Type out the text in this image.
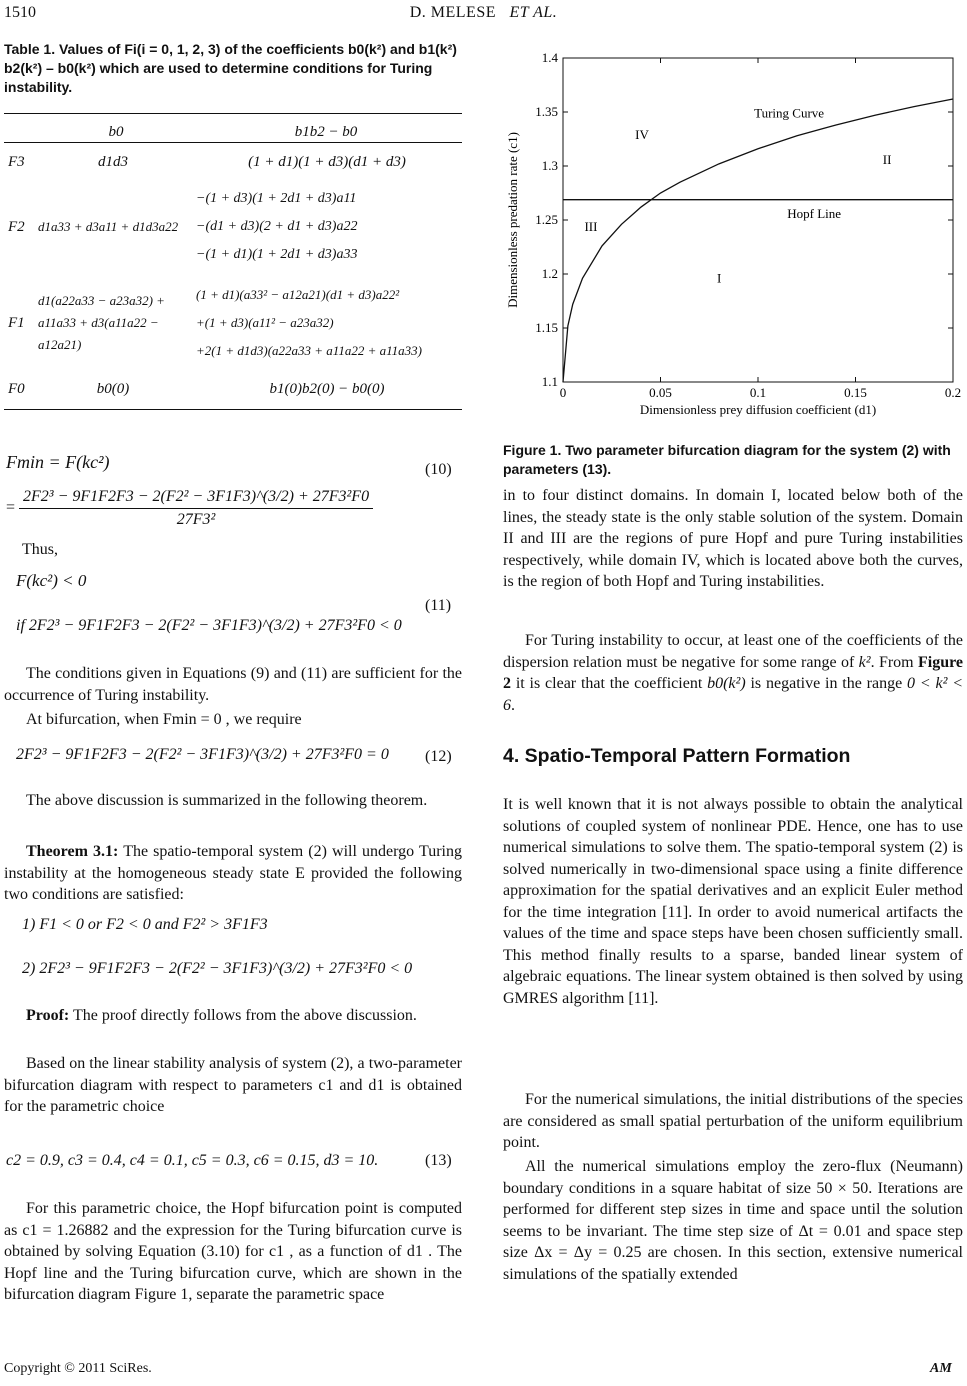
1510	D. MELESE ET AL.
Table 1. Values of Fi(i = 0, 1, 2, 3) of the coefficients b0(k²) and b1(k²) b2(k²) – b0(k²) which are used to determine conditions for Turing instability.
	b0	b1b2 − b0
F3	d1d3	(1 + d1)(1 + d3)(d1 + d3)
F2	d1a33 + d3a11 + d1d3a22	−(1 + d3)(1 + 2d1 + d3)a11
−(d1 + d3)(2 + d1 + d3)a22
−(1 + d1)(1 + 2d1 + d3)a33

F1	d1(a22a33 − a23a32) + a11a33 + d3(a11a22 − a12a21)	(1 + d1)(a33² − a12a21)(d1 + d3)a22²
+(1 + d3)(a11² − a23a32)
+2(1 + d1d3)(a22a33 + a11a22 + a11a33)

F0	b0(0)	b1(0)b2(0) − b0(0)
Fmin = F(kc²)
= $\frac{\text{2F2³ − 9F1F2F3 − 2(F2² − 3F1F3)\textasciicircum{}(3/2) + 27F3²F0}}{\text{27F3²}}$
(10)
Thus,
F(kc²) < 0
if 2F2³ − 9F1F2F3 − 2(F2² − 3F1F3)^(3/2) + 27F3²F0 < 0
(11)
The conditions given in Equations (9) and (11) are sufficient for the occurrence of Turing instability.
At bifurcation, when Fmin = 0 , we require
2F2³ − 9F1F2F3 − 2(F2² − 3F1F3)^(3/2) + 27F3²F0 = 0 (12)
The above discussion is summarized in the following theorem.
Theorem 3.1: The spatio-temporal system (2) will undergo Turing instability at the homogeneous steady state E provided the following two conditions are satisfied:
1) F1 < 0 or F2 < 0 and F2² > 3F1F3
2) 2F2³ − 9F1F2F3 − 2(F2² − 3F1F3)^(3/2) + 27F3²F0 < 0
Proof: The proof directly follows from the above discussion.
Based on the linear stability analysis of system (2), a two-parameter bifurcation diagram with respect to parameters c1 and d1 is obtained for the parametric choice
c2 = 0.9, c3 = 0.4, c4 = 0.1, c5 = 0.3, c6 = 0.15, d3 = 10.	(13)
For this parametric choice, the Hopf bifurcation point is computed as c1 = 1.26882 and the expression for the Turing bifurcation curve is obtained by solving Equation (3.10) for c1 , as a function of d1 . The Hopf line and the Turing bifurcation curve, which are shown in the bifurcation diagram Figure 1, separate the parametric space
0	0.05	0.1	0.15	0.2
1.1
1.15
1.2
1.25
1.3
1.35
1.4
Dimensionless prey diffusion coefficient (d1)
Dimensionless predation rate (c1)
Turing Curve
Hopf Line
IV
II
III
I
Figure 1. Two parameter bifurcation diagram for the system (2) with parameters (13).
in to four distinct domains. In domain I, located below both of the lines, the steady state is the only stable solution of the system. Domain II and III are the regions of pure Hopf and pure Turing instabilities respectively, while domain IV, which is located above both the curves, is the region of both Hopf and Turing instabilities.
For Turing instability to occur, at least one of the coefficients of the dispersion relation must be negative for some range of k². From Figure 2 it is clear that the coefficient b0(k²) is negative in the range 0 < k² < 6.
4. Spatio-Temporal Pattern Formation
It is well known that it is not always possible to obtain the analytical solutions of coupled system of nonlinear PDE. Hence, one has to use numerical simulations to solve them. The spatio-temporal system (2) is solved numerically in two-dimensional space using a finite difference approximation for the spatial derivatives and an explicit Euler method for the time integration [11]. In order to avoid numerical artifacts the values of the time and space steps have been chosen sufficiently small. This method finally results to a sparse, banded linear system of algebraic equations. The linear system obtained is then solved by using GMRES algorithm [11].
For the numerical simulations, the initial distributions of the species are considered as small spatial perturbation of the uniform equilibrium point.
All the numerical simulations employ the zero-flux (Neumann) boundary conditions in a square habitat of size 50 × 50. Iterations are performed for different step sizes in time and space until the solution seems to be invariant. The time step size of Δt = 0.01 and space step size Δx = Δy = 0.25 are chosen. In this section, extensive numerical simulations of the spatially extended
Copyright © 2011 SciRes.	AM
